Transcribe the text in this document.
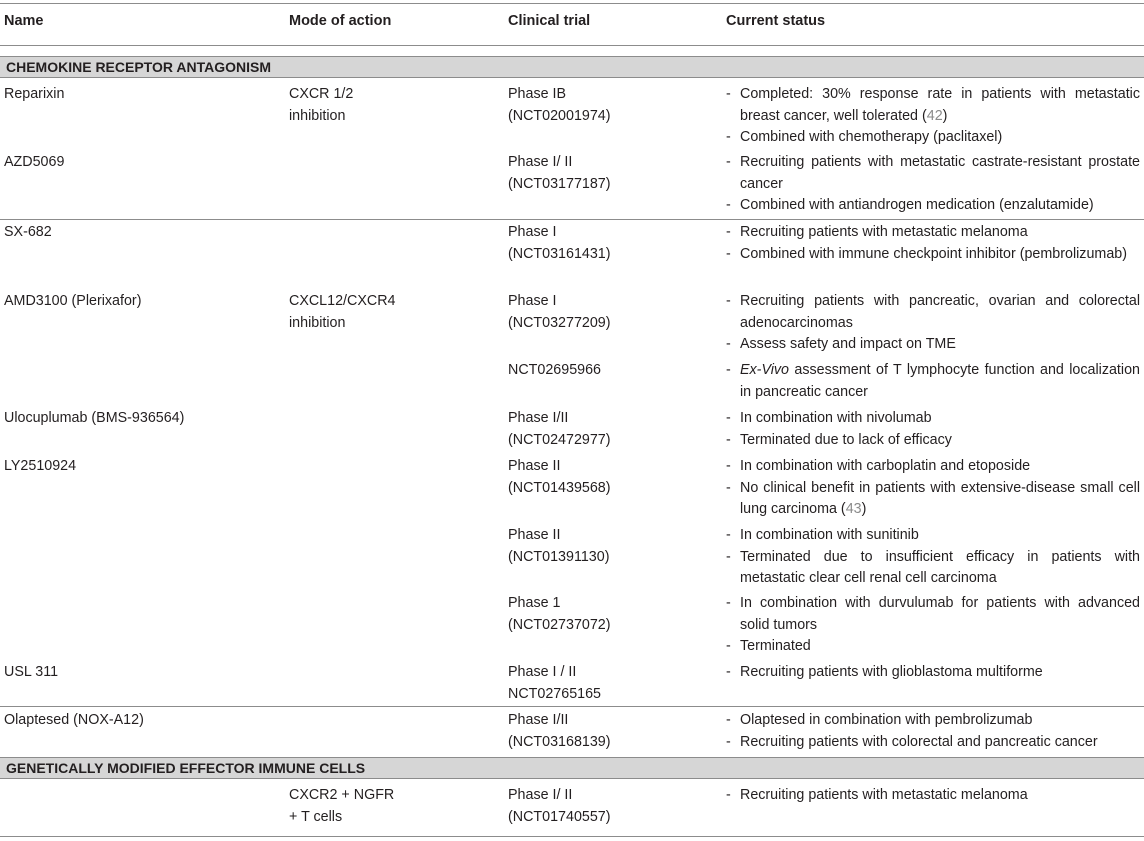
Name	Mode of action	Clinical trial	Current status
CHEMOKINE RECEPTOR ANTAGONISM
Reparixin	CXCR 1/2
inhibition
Phase IB
(NCT02001974)
- Completed: 30% response rate in patients with metastatic breast cancer, well tolerated (42)
- Combined with chemotherapy (paclitaxel)
AZD5069	Phase I/ II
(NCT03177187)
- Recruiting patients with metastatic castrate-resistant prostate cancer
- Combined with antiandrogen medication (enzalutamide)
SX-682	Phase I
(NCT03161431)
- Recruiting patients with metastatic melanoma
- Combined with immune checkpoint inhibitor (pembrolizumab)
AMD3100 (Plerixafor)	CXCL12/CXCR4
inhibition
Phase I
(NCT03277209)
- Recruiting patients with pancreatic, ovarian and colorectal adenocarcinomas
- Assess safety and impact on TME
NCT02695966
-	Ex-Vivo assessment of T lymphocyte function and localization in pancreatic cancer
Ulocuplumab (BMS-936564)	Phase I/II
(NCT02472977)
- In combination with nivolumab
- Terminated due to lack of efficacy
LY2510924	Phase II
(NCT01439568)
- In combination with carboplatin and etoposide
- No clinical benefit in patients with extensive-disease small cell lung carcinoma (43)
Phase II
(NCT01391130)
- In combination with sunitinib
- Terminated due to insufficient efficacy in patients with metastatic clear cell renal cell carcinoma
Phase 1
(NCT02737072)
- In combination with durvulumab for patients with advanced solid tumors
- Terminated
USL 311	Phase I / II
NCT02765165
- Recruiting patients with glioblastoma multiforme
Olaptesed (NOX-A12)	Phase I/II
(NCT03168139)
- Olaptesed in combination with pembrolizumab
- Recruiting patients with colorectal and pancreatic cancer
GENETICALLY MODIFIED EFFECTOR IMMUNE CELLS
CXCR2 + NGFR
+ T cells
Phase I/ II
(NCT01740557)
- Recruiting patients with metastatic melanoma
